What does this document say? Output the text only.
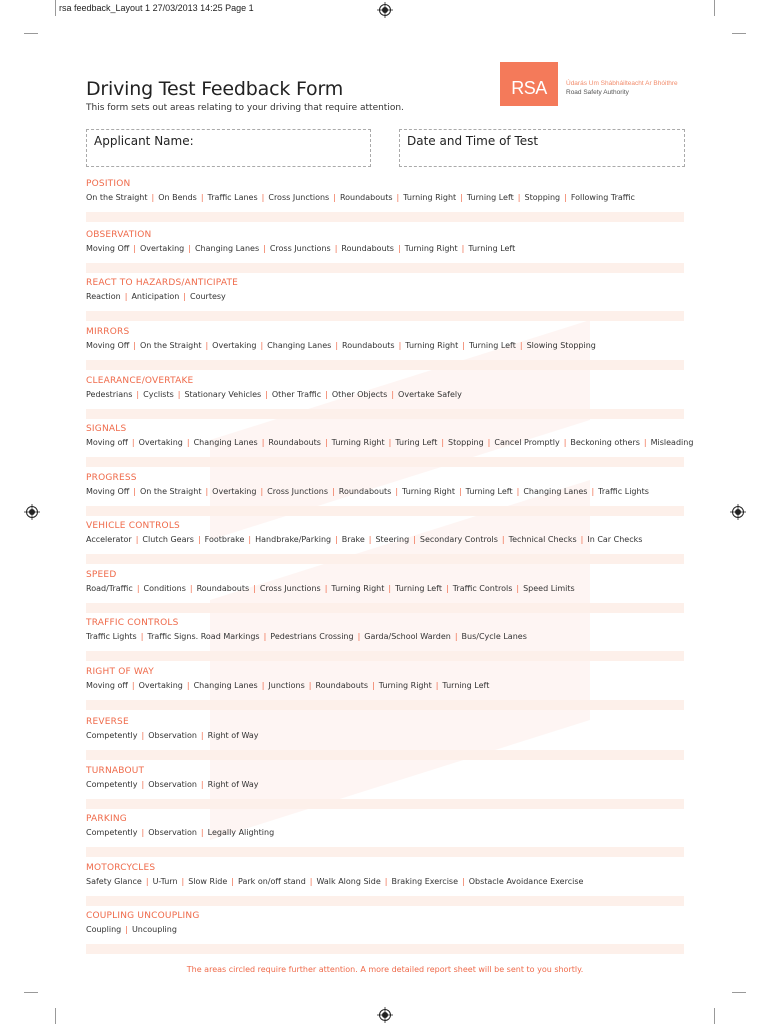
rsa feedback_Layout 1 27/03/2013 14:25 Page 1
Driving Test Feedback Form
This form sets out areas relating to your driving that require attention.
RSA	Údarás Um Shábháilteacht Ar Bhóithre
Road Safety Authority
Applicant Name:	Date and Time of Test
POSITION
On the Straight | On Bends | Traffic Lanes | Cross Junctions | Roundabouts | Turning Right | Turning Left | Stopping | Following Traffic
OBSERVATION
Moving Off | Overtaking | Changing Lanes | Cross Junctions | Roundabouts | Turning Right | Turning Left
REACT TO HAZARDS/ANTICIPATE
Reaction | Anticipation | Courtesy
MIRRORS
Moving Off | On the Straight | Overtaking | Changing Lanes | Roundabouts | Turning Right | Turning Left | Slowing Stopping
CLEARANCE/OVERTAKE
Pedestrians | Cyclists | Stationary Vehicles | Other Traffic | Other Objects | Overtake Safely
SIGNALS
Moving off | Overtaking | Changing Lanes | Roundabouts | Turning Right | Turing Left | Stopping | Cancel Promptly | Beckoning others | Misleading
PROGRESS
Moving Off | On the Straight | Overtaking | Cross Junctions | Roundabouts | Turning Right | Turning Left | Changing Lanes | Traffic Lights
VEHICLE CONTROLS
Accelerator | Clutch Gears | Footbrake | Handbrake/Parking | Brake | Steering | Secondary Controls | Technical Checks | In Car Checks
SPEED
Road/Traffic | Conditions | Roundabouts | Cross Junctions | Turning Right | Turning Left | Traffic Controls | Speed Limits
TRAFFIC CONTROLS
Traffic Lights | Traffic Signs. Road Markings | Pedestrians Crossing | Garda/School Warden | Bus/Cycle Lanes
RIGHT OF WAY
Moving off | Overtaking | Changing Lanes | Junctions | Roundabouts | Turning Right | Turning Left
REVERSE
Competently | Observation | Right of Way
TURNABOUT
Competently | Observation | Right of Way
PARKING
Competently | Observation | Legally Alighting
MOTORCYCLES
Safety Glance | U-Turn | Slow Ride | Park on/off stand | Walk Along Side | Braking Exercise | Obstacle Avoidance Exercise
COUPLING UNCOUPLING
Coupling | Uncoupling
The areas circled require further attention. A more detailed report sheet will be sent to you shortly.
